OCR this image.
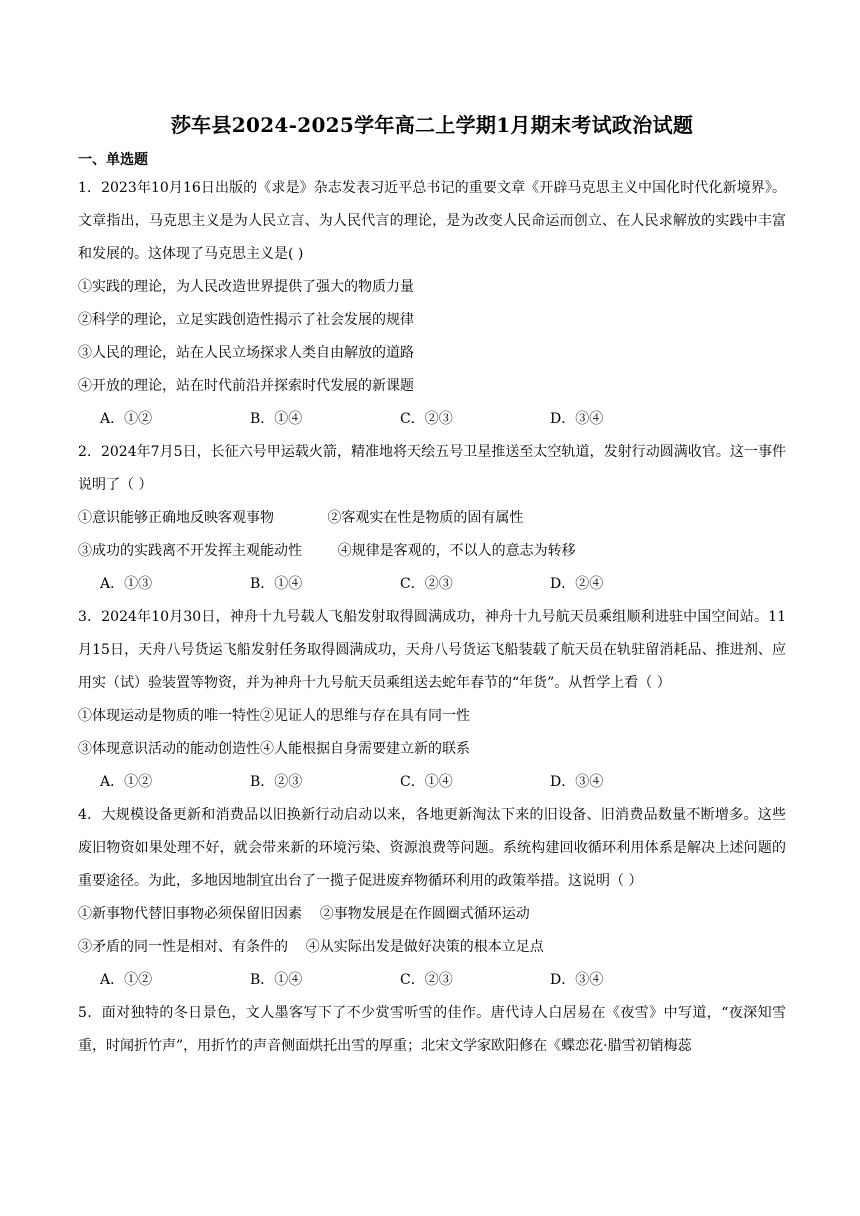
莎车县2024-2025学年高二上学期1月期末考试政治试题
一、单选题

1．2023年10月16日出版的《求是》杂志发表习近平总书记的重要文章《开辟马克思主义中国化时代化新境界》。文章指出，马克思主义是为人民立言、为人民代言的理论，是为改变人民命运而创立、在人民求解放的实践中丰富和发展的。这体现了马克思主义是( )

①实践的理论，为人民改造世界提供了强大的物质力量

②科学的理论，立足实践创造性揭示了社会发展的规律

③人民的理论，站在人民立场探求人类自由解放的道路

④开放的理论，站在时代前沿并探索时代发展的新课题

A．①②	B．①④	C．②③	D．③④

2．2024年7月5日，长征六号甲运载火箭，精准地将天绘五号卫星推送至太空轨道，发射行动圆满收官。这一事件说明了（ ）

①意识能够正确地反映客观事物            ②客观实在性是物质的固有属性

③成功的实践离不开发挥主观能动性        ④规律是客观的，不以人的意志为转移

A．①③	B．①④	C．②③	D．②④

3．2024年10月30日，神舟十九号载人飞船发射取得圆满成功，神舟十九号航天员乘组顺利进驻中国空间站。11月15日，天舟八号货运飞船发射任务取得圆满成功，天舟八号货运飞船装载了航天员在轨驻留消耗品、推进剂、应用实（试）验装置等物资，并为神舟十九号航天员乘组送去蛇年春节的“年货”。从哲学上看（ ）

①体现运动是物质的唯一特性②见证人的思维与存在具有同一性

③体现意识活动的能动创造性④人能根据自身需要建立新的联系

A．①②	B．②③	C．①④	D．③④

4．大规模设备更新和消费品以旧换新行动启动以来，各地更新淘汰下来的旧设备、旧消费品数量不断增多。这些废旧物资如果处理不好，就会带来新的环境污染、资源浪费等问题。系统构建回收循环利用体系是解决上述问题的重要途径。为此，多地因地制宜出台了一揽子促进废弃物循环利用的政策举措。这说明（ ）

①新事物代替旧事物必须保留旧因素    ②事物发展是在作圆圈式循环运动

③矛盾的同一性是相对、有条件的    ④从实际出发是做好决策的根本立足点

A．①②	B．①④	C．②③	D．③④

5．面对独特的冬日景色，文人墨客写下了不少赏雪听雪的佳作。唐代诗人白居易在《夜雪》中写道，“夜深知雪重，时闻折竹声”，用折竹的声音侧面烘托出雪的厚重；北宋文学家欧阳修在《蝶恋花·腊雪初销梅蕊
